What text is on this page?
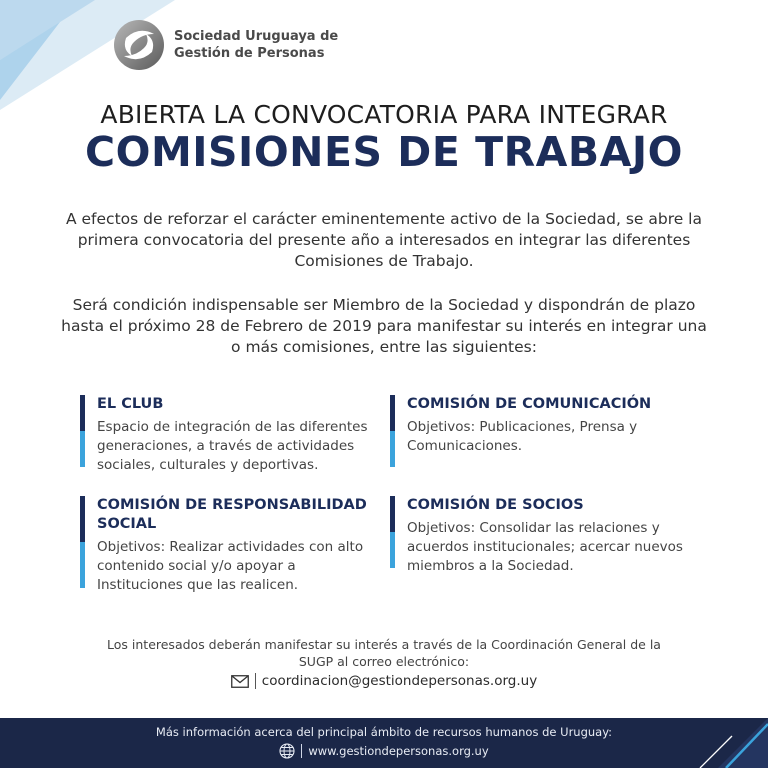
Sociedad Uruguaya de
Gestión de Personas
ABIERTA LA CONVOCATORIA PARA INTEGRAR
COMISIONES DE TRABAJO

A efectos de reforzar el carácter eminentemente activo de la Sociedad, se abre la primera convocatoria del presente año a interesados en integrar las diferentes Comisiones de Trabajo.

Será condición indispensable ser Miembro de la Sociedad y dispondrán de plazo hasta el próximo 28 de Febrero de 2019 para manifestar su interés en integrar una o más comisiones, entre las siguientes:

EL CLUB
Espacio de integración de las diferentes generaciones, a través de actividades sociales, culturales y deportivas.
COMISIÓN DE COMUNICACIÓN
Objetivos: Publicaciones, Prensa y Comunicaciones.
COMISIÓN DE RESPONSABILIDAD SOCIAL
Objetivos: Realizar actividades con alto contenido social y/o apoyar a Instituciones que las realicen.
COMISIÓN DE SOCIOS
Objetivos: Consolidar las relaciones y acuerdos institucionales; acercar nuevos miembros a la Sociedad.

Los interesados deberán manifestar su interés a través de la Coordinación General de la SUGP al correo electrónico:

coordinacion@gestiondepersonas.org.uy
Más información acerca del principal ámbito de recursos humanos de Uruguay:
www.gestiondepersonas.org.uy
